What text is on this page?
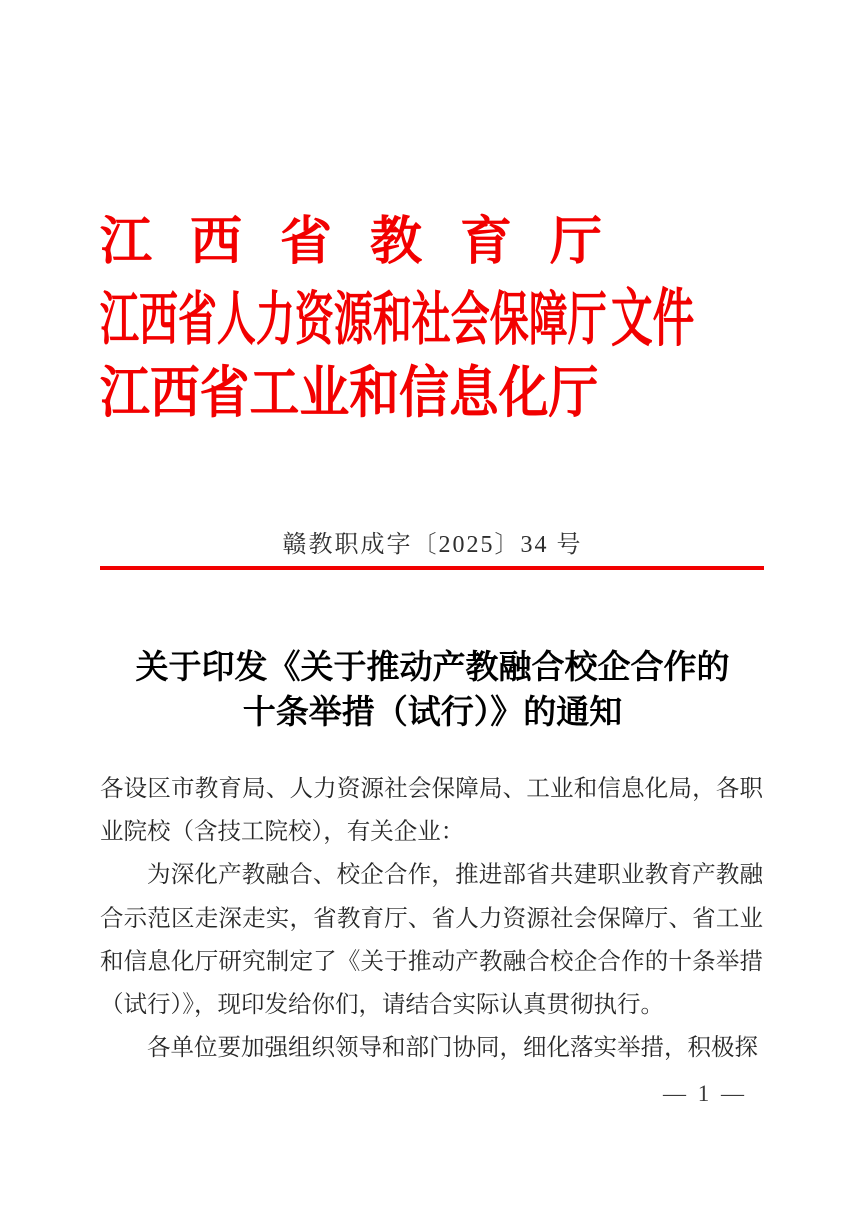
江西省教育厅
江西省人力资源和社会保障厅 文件
江西省工业和信息化厅
赣教职成字〔2025〕34 号
关于印发《关于推动产教融合校企合作的
十条举措（试行）》的通知

各设区市教育局、人力资源社会保障局、工业和信息化局，各职业院校（含技工院校），有关企业：

为深化产教融合、校企合作，推进部省共建职业教育产教融合示范区走深走实，省教育厅、省人力资源社会保障厅、省工业和信息化厅研究制定了《关于推动产教融合校企合作的十条举措（试行）》，现印发给你们，请结合实际认真贯彻执行。

各单位要加强组织领导和部门协同，细化落实举措，积极探

— 1 —
